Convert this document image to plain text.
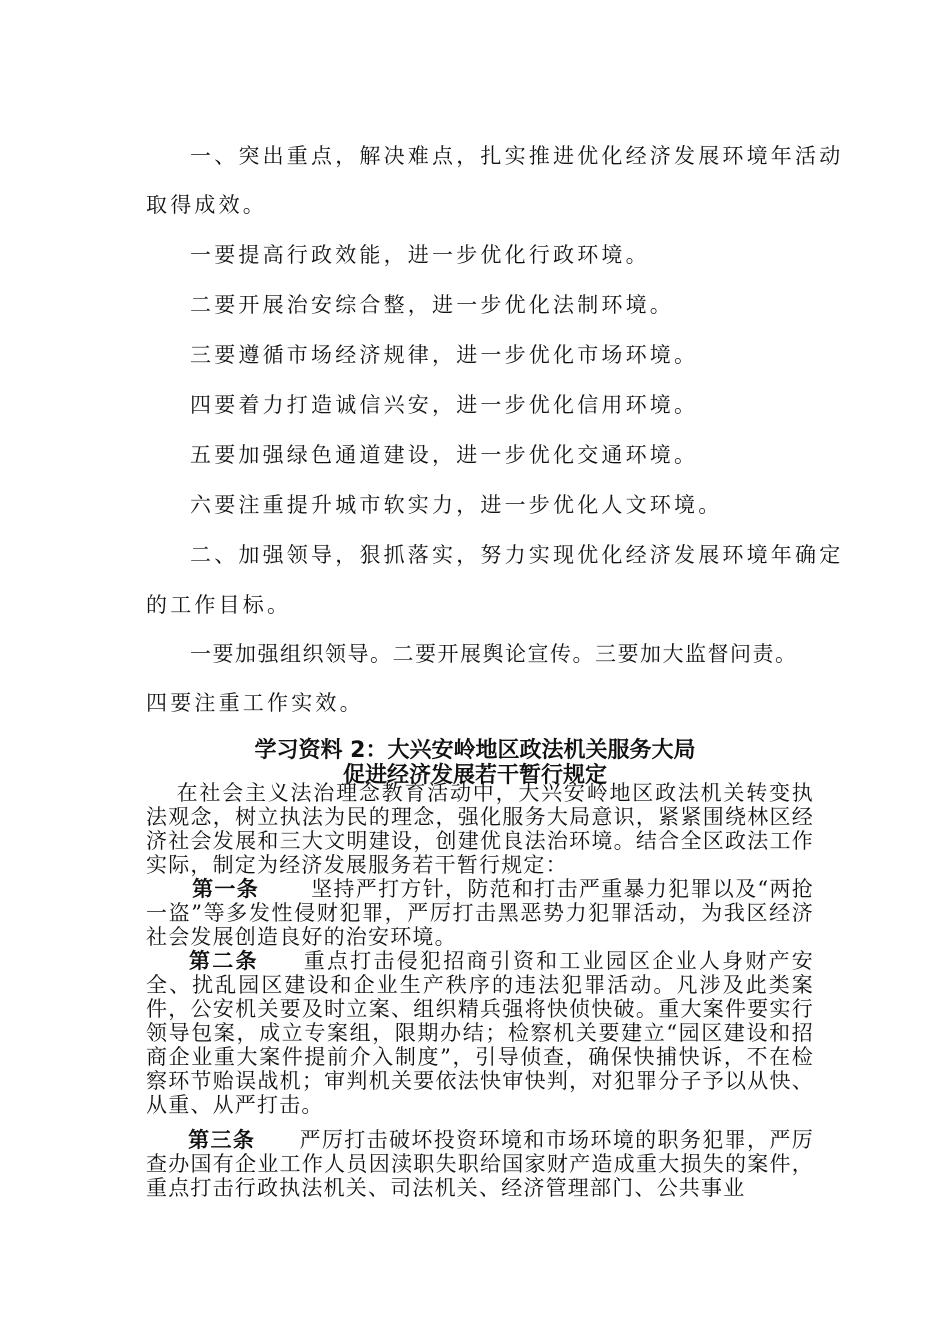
一、突出重点，解决难点，扎实推进优化经济发展环境年活动
取得成效。
一要提高行政效能，进一步优化行政环境。
二要开展治安综合整，进一步优化法制环境。
三要遵循市场经济规律，进一步优化市场环境。
四要着力打造诚信兴安，进一步优化信用环境。
五要加强绿色通道建设，进一步优化交通环境。
六要注重提升城市软实力，进一步优化人文环境。
二、加强领导，狠抓落实，努力实现优化经济发展环境年确定
的工作目标。
一要加强组织领导。二要开展舆论宣传。三要加大监督问责。
四要注重工作实效。
学习资料 2：大兴安岭地区政法机关服务大局
促进经济发展若干暂行规定
在社会主义法治理念教育活动中，大兴安岭地区政法机关转变执法观念，树立执法为民的理念，强化服务大局意识，紧紧围绕林区经济社会发展和三大文明建设，创建优良法治环境。结合全区政法工作实际，制定为经济发展服务若干暂行规定：
第一条 坚持严打方针，防范和打击严重暴力犯罪以及“两抢一盗”等多发性侵财犯罪，严厉打击黑恶势力犯罪活动，为我区经济社会发展创造良好的治安环境。
第二条 重点打击侵犯招商引资和工业园区企业人身财产安全、扰乱园区建设和企业生产秩序的违法犯罪活动。凡涉及此类案件，公安机关要及时立案、组织精兵强将快侦快破。重大案件要实行领导包案，成立专案组，限期办结；检察机关要建立“园区建设和招商企业重大案件提前介入制度”，引导侦查，确保快捕快诉，不在检察环节贻误战机；审判机关要依法快审快判，对犯罪分子予以从快、从重、从严打击。
第三条 严厉打击破坏投资环境和市场环境的职务犯罪，严厉查办国有企业工作人员因渎职失职给国家财产造成重大损失的案件，重点打击行政执法机关、司法机关、经济管理部门、公共事业
